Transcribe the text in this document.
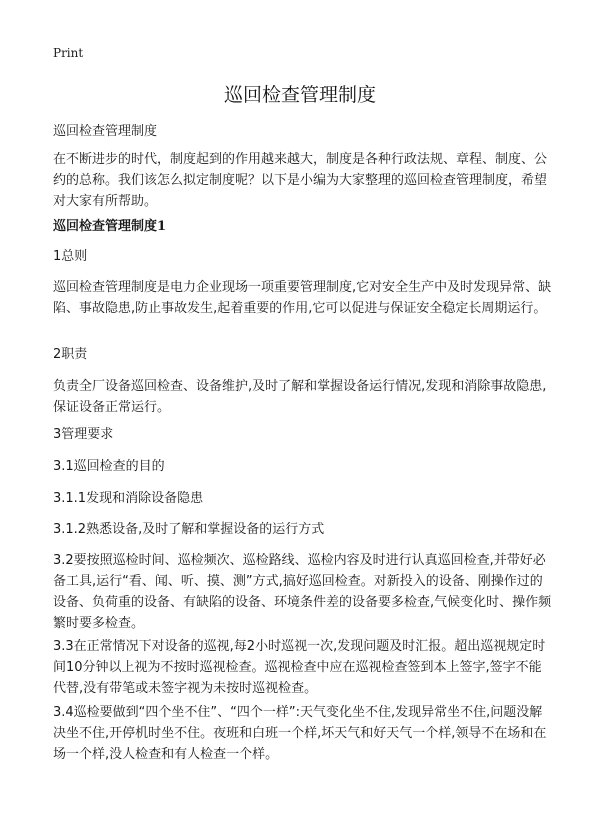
Print
巡回检查管理制度
巡回检查管理制度
在不断进步的时代，制度起到的作用越来越大，制度是各种行政法规、章程、制度、公约的总称。我们该怎么拟定制度呢？以下是小编为大家整理的巡回检查管理制度，希望对大家有所帮助。
巡回检查管理制度1
1总则
巡回检查管理制度是电力企业现场一项重要管理制度,它对安全生产中及时发现异常、缺陷、事故隐患,防止事故发生,起着重要的作用,它可以促进与保证安全稳定长周期运行。
2职责
负责全厂设备巡回检查、设备维护,及时了解和掌握设备运行情况,发现和消除事故隐患,保证设备正常运行。
3管理要求
3.1巡回检查的目的
3.1.1发现和消除设备隐患
3.1.2熟悉设备,及时了解和掌握设备的运行方式
3.2要按照巡检时间、巡检频次、巡检路线、巡检内容及时进行认真巡回检查,并带好必备工具,运行“看、闻、听、摸、测”方式,搞好巡回检查。对新投入的设备、刚操作过的设备、负荷重的设备、有缺陷的设备、环境条件差的设备要多检查,气候变化时、操作频繁时要多检查。
3.3在正常情况下对设备的巡视,每2小时巡视一次,发现问题及时汇报。超出巡视规定时间10分钟以上视为不按时巡视检查。巡视检查中应在巡视检查签到本上签字,签字不能代替,没有带笔或未签字视为未按时巡视检查。
3.4巡检要做到“四个坐不住”、“四个一样”:天气变化坐不住,发现异常坐不住,问题没解决坐不住,开停机时坐不住。夜班和白班一个样,坏天气和好天气一个样,领导不在场和在场一个样,没人检查和有人检查一个样。
